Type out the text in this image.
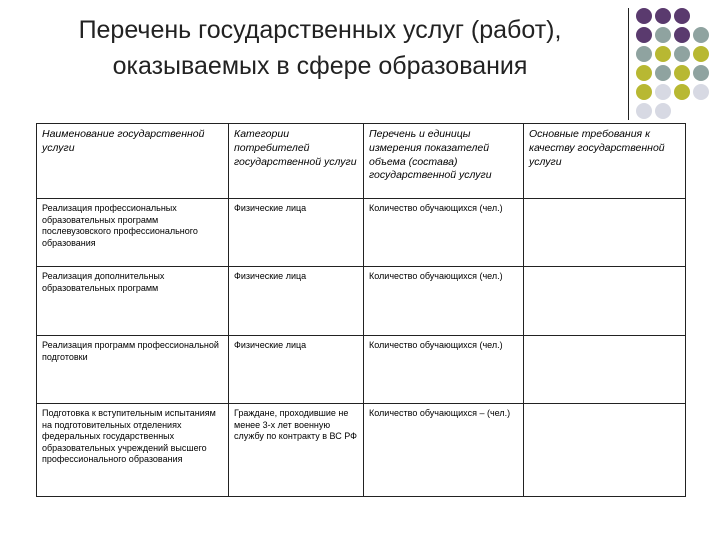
Перечень государственных услуг (работ),
оказываемых в сфере образования
Наименование государственной услуги	Категории потребителей государственной услуги	Перечень и единицы измерения показателей объема (состава) государственной услуги	Основные требования к качеству государственной услуги
Реализация профессиональных образовательных программ послевузовского профессионального образования	Физические лица	Количество обучающихся (чел.)	
Реализация дополнительных образовательных программ	Физические лица	Количество обучающихся (чел.)	
Реализация программ профессиональной подготовки	Физические лица	Количество обучающихся (чел.)	
Подготовка к вступительным испытаниям на подготовительных отделениях федеральных государственных образовательных учреждений высшего профессионального образования	Граждане, проходившие не менее 3-х лет военную службу по контракту в ВС РФ	Количество обучающихся – (чел.)	
